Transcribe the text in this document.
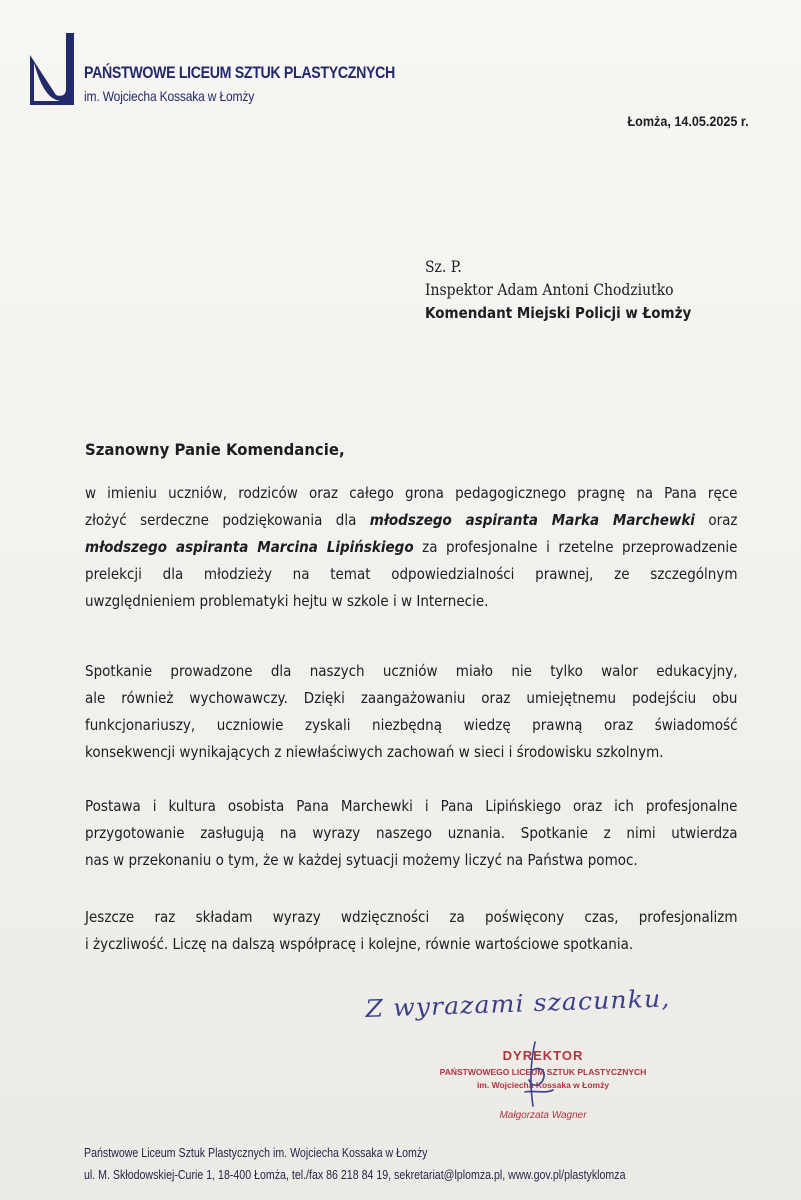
PAŃSTWOWE LICEUM SZTUK PLASTYCZNYCH
im. Wojciecha Kossaka w Łomży
Łomża, 14.05.2025 r.
Sz. P.
Inspektor Adam Antoni Chodziutko
Komendant Miejski Policji w Łomży
Szanowny Panie Komendancie,
w imieniu uczniów, rodziców oraz całego grona pedagogicznego pragnę na Pana ręce
złożyć serdeczne podziękowania dla młodszego aspiranta Marka Marchewki oraz
młodszego aspiranta Marcina Lipińskiego za profesjonalne i rzetelne przeprowadzenie
prelekcji dla młodzieży na temat odpowiedzialności prawnej, ze szczególnym
uwzględnieniem problematyki hejtu w szkole i w Internecie.
Spotkanie prowadzone dla naszych uczniów miało nie tylko walor edukacyjny,
ale również wychowawczy. Dzięki zaangażowaniu oraz umiejętnemu podejściu obu
funkcjonariuszy, uczniowie zyskali niezbędną wiedzę prawną oraz świadomość
konsekwencji wynikających z niewłaściwych zachowań w sieci i środowisku szkolnym.
Postawa i kultura osobista Pana Marchewki i Pana Lipińskiego oraz ich profesjonalne
przygotowanie zasługują na wyrazy naszego uznania. Spotkanie z nimi utwierdza
nas w przekonaniu o tym, że w każdej sytuacji możemy liczyć na Państwa pomoc.
Jeszcze raz składam wyrazy wdzięczności za poświęcony czas, profesjonalizm
i życzliwość. Liczę na dalszą współpracę i kolejne, równie wartościowe spotkania.
Z wyrazami szacunku,
DYREKTOR
PAŃSTWOWEGO LICEUM SZTUK PLASTYCZNYCH
im. Wojciecha Kossaka w Łomży
Małgorzata Wagner
Państwowe Liceum Sztuk Plastycznych im. Wojciecha Kossaka w Łomży
ul. M. Skłodowskiej-Curie 1, 18-400 Łomża, tel./fax 86 218 84 19, sekretariat@lplomza.pl, www.gov.pl/plastyklomza
